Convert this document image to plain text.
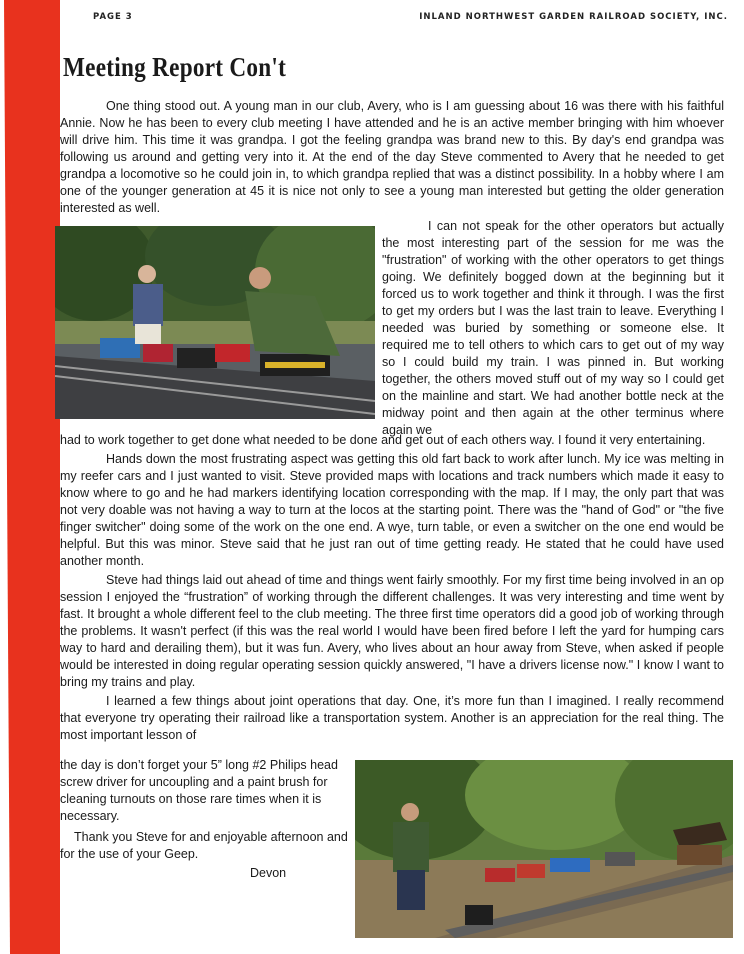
PAGE 3	INLAND NORTHWEST GARDEN RAILROAD SOCIETY, INC.
Meeting Report Con't

One thing stood out. A young man in our club, Avery, who is I am guessing about 16 was there with his faithful Annie. Now he has been to every club meeting I have attended and he is an active member bringing with him whoever will drive him. This time it was grandpa. I got the feeling grandpa was brand new to this. By day's end grandpa was following us around and getting very into it. At the end of the day Steve commented to Avery that he needed to get grandpa a locomotive so he could join in, to which grandpa replied that was a distinct possibility. In a hobby where I am one of the younger generation at 45 it is nice not only to see a young man interested but getting the older generation interested as well.

I can not speak for the other operators but actually the most interesting part of the session for me was the "frustration" of working with the other operators to get things going. We definitely bogged down at the beginning but it forced us to work together and think it through. I was the first to get my orders but I was the last train to leave. Everything I needed was buried by something or someone else. It required me to tell others to which cars to get out of my way so I could build my train. I was pinned in. But working together, the others moved stuff out of my way so I could get on the mainline and start. We had another bottle neck at the midway point and then again at the other terminus where again we

had to work together to get done what needed to be done and get out of each others way. I found it very entertaining.

Hands down the most frustrating aspect was getting this old fart back to work after lunch. My ice was melting in my reefer cars and I just wanted to visit. Steve provided maps with locations and track numbers which made it easy to know where to go and he had markers identifying location corresponding with the map. If I may, the only part that was not very doable was not having a way to turn at the locos at the starting point. There was the "hand of God" or "the five finger switcher" doing some of the work on the one end. A wye, turn table, or even a switcher on the one end would be helpful. But this was minor. Steve said that he just ran out of time getting ready. He stated that he could have used another month.

Steve had things laid out ahead of time and things went fairly smoothly. For my first time being involved in an op session I enjoyed the “frustration” of working through the different challenges. It was very interesting and time went by fast. It brought a whole different feel to the club meeting. The three first time operators did a good job of working through the problems. It wasn't perfect (if this was the real world I would have been fired before I left the yard for humping cars way to hard and derailing them), but it was fun. Avery, who lives about an hour away from Steve, when asked if people would be interested in doing regular operating session quickly answered, "I have a drivers license now." I know I want to bring my trains and play.

I learned a few things about joint operations that day. One, it’s more fun than I imagined. I really recommend that everyone try operating their railroad like a transportation system. Another is an appreciation for the real thing. The most important lesson of

the day is don’t forget your 5” long #2 Philips head screw driver for uncoupling and a paint brush for cleaning turnouts on those rare times when it is necessary.

Thank you Steve for and enjoyable afternoon and for the use of your Geep.

Devon
